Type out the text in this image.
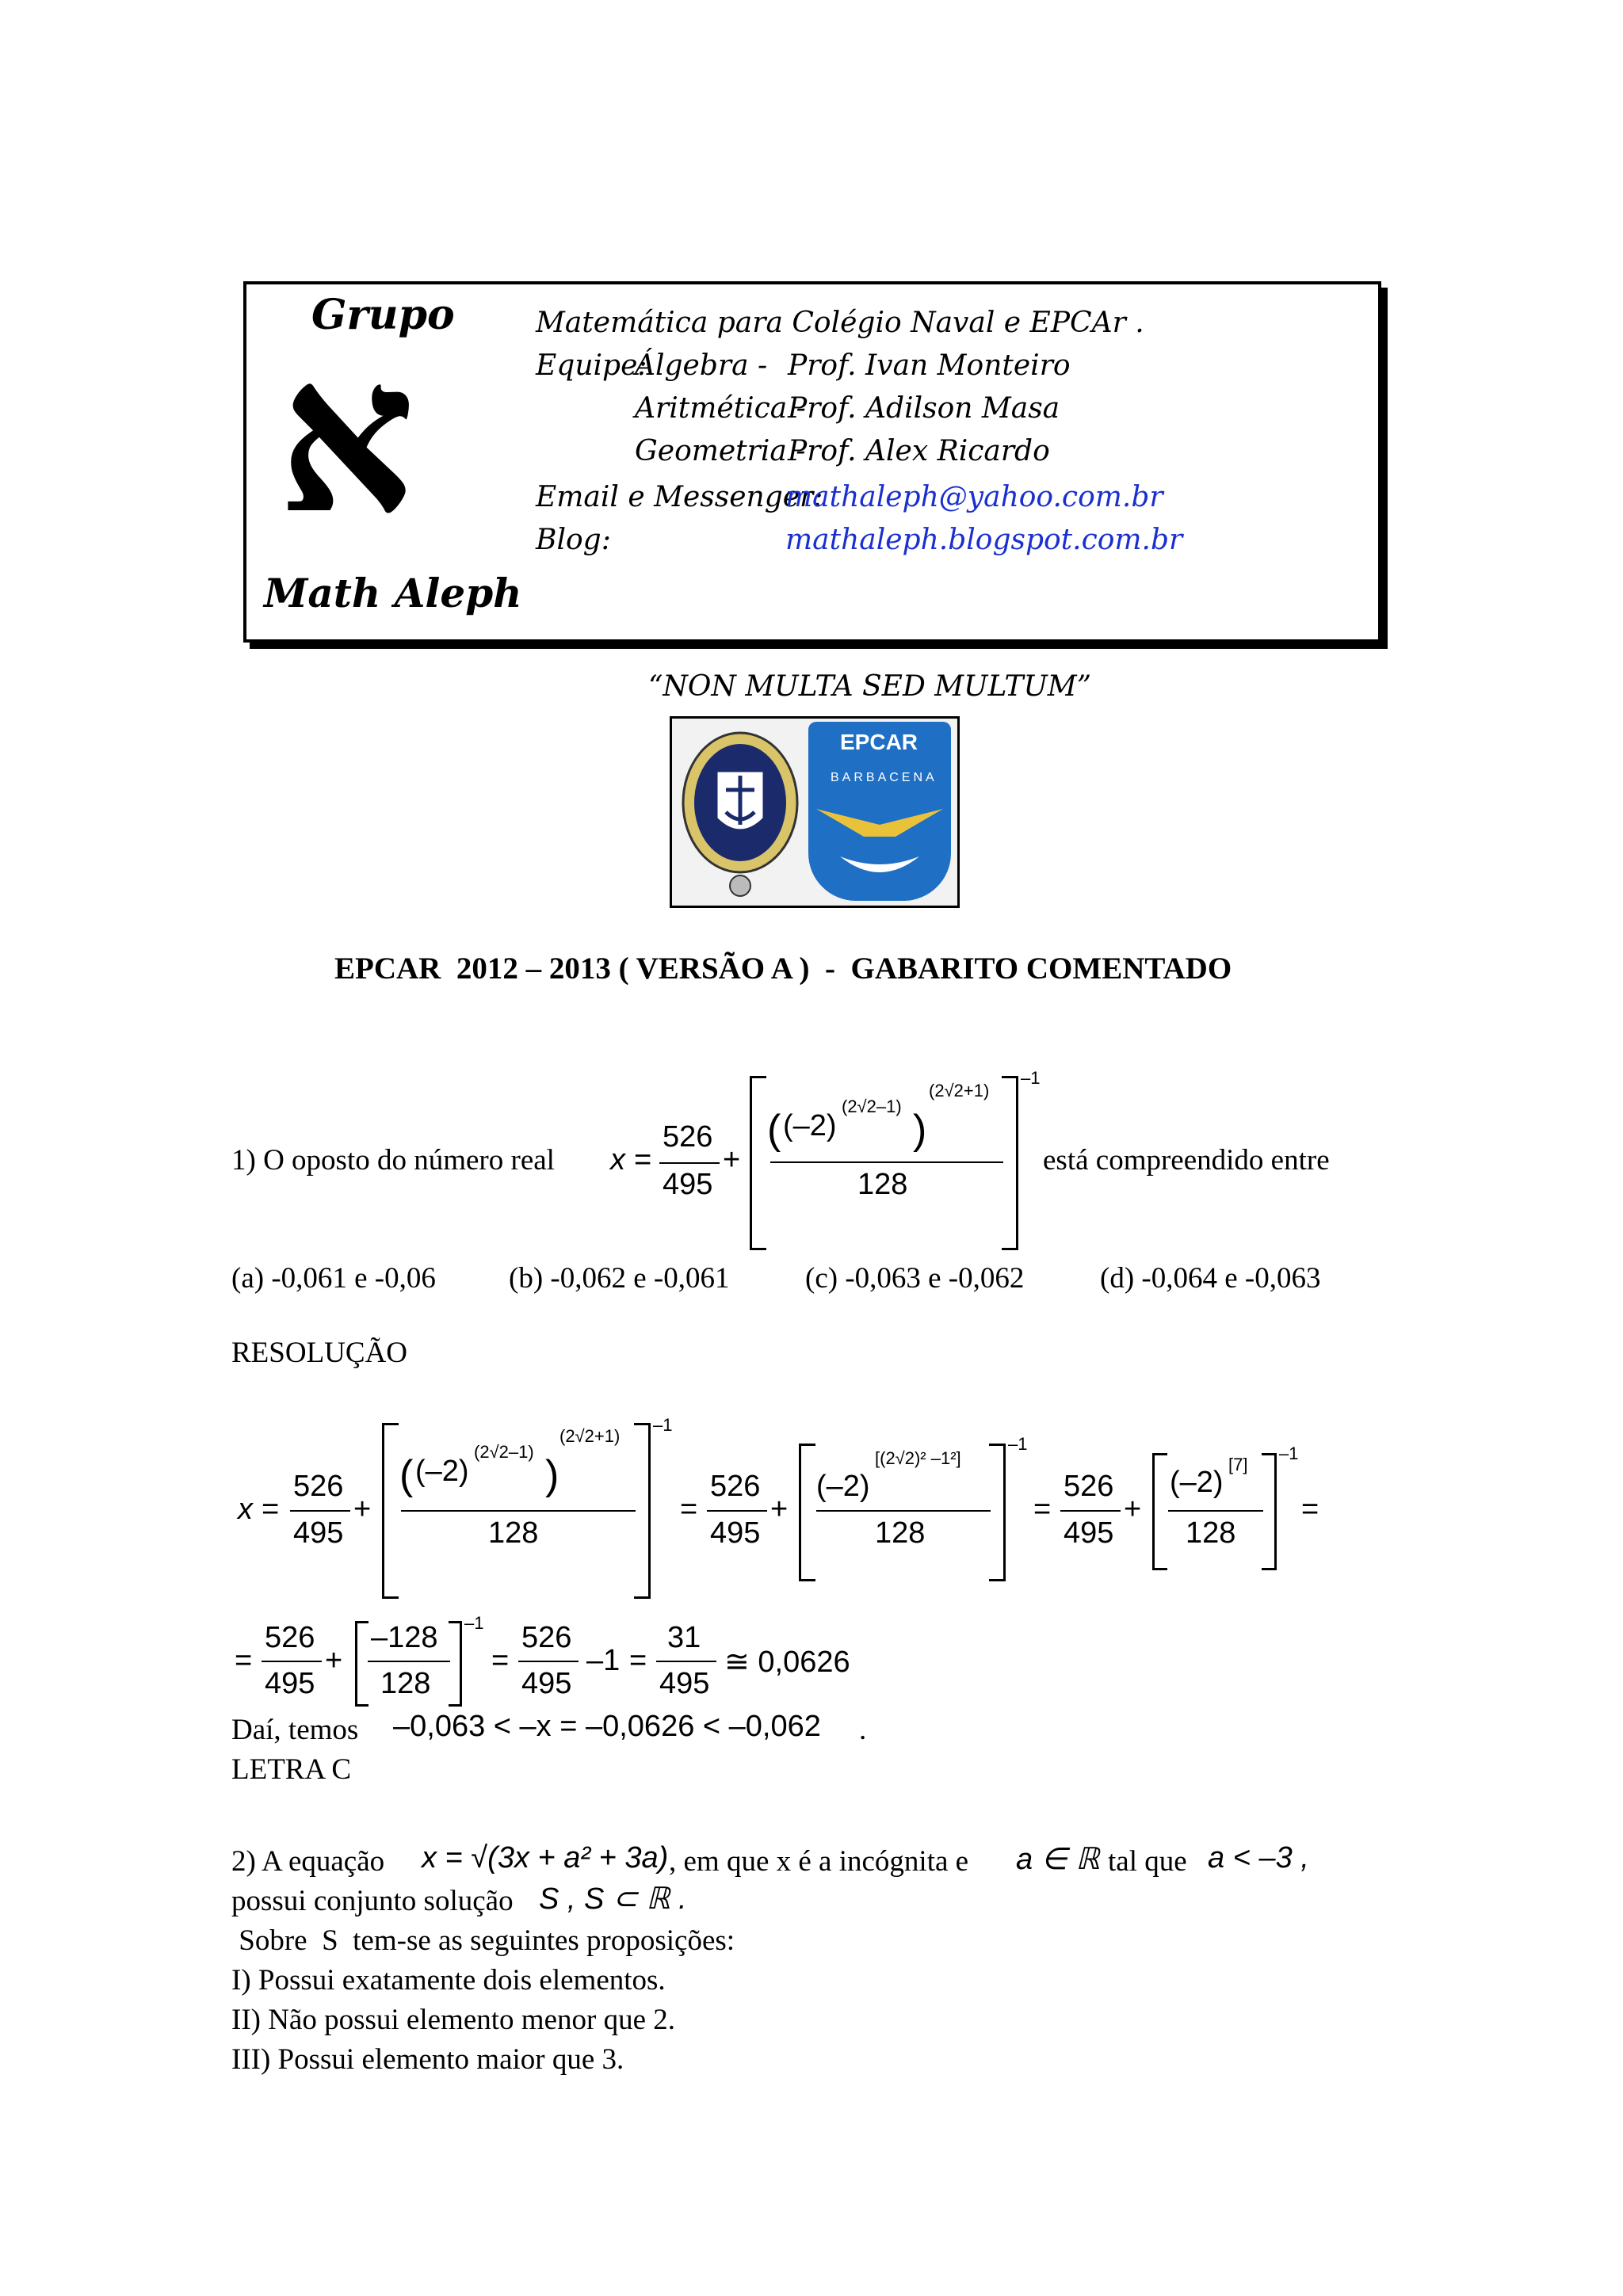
Grupo
א
Math Aleph
Matemática para Colégio Naval e EPCAr .
Equipe:
Álgebra - Prof. Ivan Monteiro
Aritmética -
Prof. Adilson Masa
Geometria -
Prof. Alex Ricardo
Email e Messenger:
mathaleph@yahoo.com.br
Blog:	mathaleph.blogspot.com.br
“NON MULTA SED MULTUM”
EPCAR
BARBACENA
EPCAR  2012 – 2013 ( VERSÃO A )  -  GABARITO COMENTADO
1) O oposto do número real x =
526
495
+
–1
( (–2)
(2√2–1)
)
(2√2+1)
128
está compreendido entre
(a) -0,061 e -0,06 (b) -0,062 e -0,061	(c) -0,063 e -0,062	(d) -0,064 e -0,063
RESOLUÇÃO
x =
526
495
+
–1
( (–2)
(2√2–1)
)
(2√2+1)
128
=
526
495
+
–1
(–2)
[(2√2)² –1²]
128
=
526
495
+
–1
(–2)
[7]
128
=
=
526
495
+
–1
–128
128
=
526
495
–1 =
31
495
≅ 0,0626
Daí, temos –0,063 < –x = –0,0626 < –0,062 .
LETRA C
2) A equação x = √(3x + a² + 3a) , em que x é a incógnita e a ∈ ℝ tal que a < –3 ,
possui conjunto solução S , S ⊂ ℝ .
Sobre  S  tem-se as seguintes proposições:
I) Possui exatamente dois elementos.
II) Não possui elemento menor que 2.
III) Possui elemento maior que 3.
